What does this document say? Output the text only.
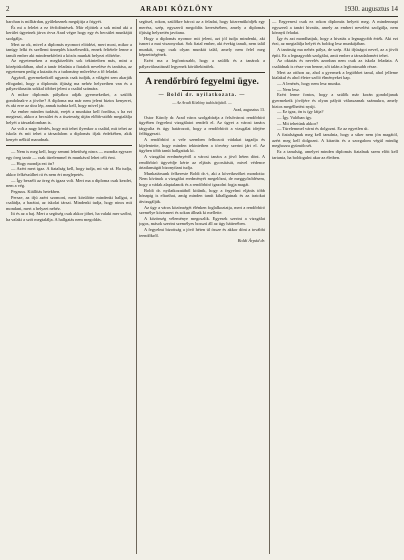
2	ARADI KÖZLÖNY	1930. augusztus 14

barchan is milliárdan, gyűlekeznek megújitja a frigyét.

És mi a felelet a ez férfidöntések. Már eljöttek a sok mind aki a kerület ügyeinek járva óvva Arad végre hogy egy és becsület munkáját szolgálja.

Mert az ok, mivel a diplomás nyomort elöidézi, mert most, mikor a tanügy lelki és szellemi ünneplés kiszélesedik, ennek feltétele lenne a tanult ember aki mindenekfelett a közös munkát helyezi előtérbe.

Az egyetemeken a megközelítés sok tekintetben más, mint a középiskolában, ahol a tanár feladata a fiatalok nevelése és tanítása, az egyetemen pedig a kutatás és a tudomány művelése a fő feladat.

Agyáról, gyermekeikről ugyanis csak tudják, a világért sem akarják elfogadni, hogy a diplomás ifjúság ma nehéz helyzetben van és a pályaválasztás sokkal többet jelent a család számára.

A mikor diplomás pályákra adják gyermekeiket, a szülők gondolnak-e a jövőre? A diploma ma már nem jelent biztos kenyeret, és aki erre az útra lép, annak tudnia kell, hogy mivel jár.

Az ember minden tudását, erejét a munkára kell fordítsa, s ha ezt megteszi, akkor a becsület és a tisztesség útján előbb-utóbb megtalálja helyét a társadalomban is.

Az volt a nagy kérdés, hogy mit tehet ilyenkor a család, mit tehet az iskola és mit tehet a társadalom a diplomás ifjak érdekében, akik kenyér nélkül maradnak.

— Nem is meg kell, hogy semmi lehetőség nincs — mondta egyszer egy öreg tanár — csak türelemmel és munkával lehet célt érni.

— Hogy mondja ezt ön?

— Azért mert igaz. A fiatalság kell, hogy tudja, mi vár rá. Ha tudja, akkor felkészülhet rá és nem éri meglepetés.

— Így beszélt az öreg és igaza volt. Mert ma a diploma csak kezdet, nem a vég.

Pegasus. Kiállítás hetekben.

Persze, az ifjú azért szomorú, mert körülötte mindenki hallgat, a családja, a barátai, az iskolai társai. Mindenki tudja, hogy nincs mit mondani, mert a helyzet nehéz.

Itt és az a baj. Mert a segítség csak akkor jöhet, ha valaki mer szólni, ha valaki a szót megtalálja. A hallgatás nem megoldás.

segítsel, rokon, szülőkre bárcsi az a feladat, hogy közreműködjék egy merész, szép, egyszerű megoldás keresésében, amely a diplomás ifjúság helyzetén javítana.

Hogy a diplomás nyomor mit jelent, azt jól tudja mindenki, aki ismeri a mai viszonyokat. Sok fiatal ember, aki évekig tanult, nem talál munkát, vagy csak olyan munkát talál, amely nem felel meg képzettségének.

Ezért ma a legfontosabb, hogy a szülők és a tanárok a pályaválasztásnál legyenek körültekintőek.

A rendőrbíró fegyelmi ügye.
— Boldi dr. nyilatkozata. —
— Az Aradi Közlöny tudósítójától. —
Arad, augusztus 13.

Ostor Károly dr. Arad város szolgabírája a felsővárosi rendőrbíró ügyében fegyelmi vizsgálatot rendelt el. Az ügyet a városi tanács tárgyalta és úgy határozott, hogy a rendőrbírót a vizsgálat idejére felfüggeszti.

A rendőrbíró a vele szemben felhozott vádakat tagadja és kijelentette, hogy minden tekintetben a törvény szerint járt el. Az ügyben több tanút hallgattak ki.

A vizsgálat eredményéről a városi tanács a jövő héten dönt. A rendőrbíró ügyvédje kérte az eljárás gyorsítását, mivel védence ártatlanságát bizonyítani tudja.

Munkatársunk felkereste Boldi dr.-t, aki a következőket mondotta: Nem kívánok a vizsgálat eredményét megelőzni, de meggyőződésem, hogy a vádak alaptalanok és a rendőrbíró igazolni fogja magát.

Boldi dr. nyilatkozatából kitűnik, hogy a fegyelmi eljárás több hónapig is eltarthat, amíg minden tanút kihallgatnak és az iratokat átvizsgálják.

Az ügy a város közönségét élénken foglalkoztatja, mert a rendőrbíró személye közismert és sokan állnak ki mellette.

A közönség véleménye megoszlik. Egyesek szerint a vizsgálat jogos, mások szerint személyes bosszú áll az ügy hátterében.

A fegyelmi bizottság a jövő héten ül össze és akkor dönt a további teendőkről.

Boldi Árpád dr.

— Eegyenesí csak ez rokon diplomás helyeit meg. A mindennapi egyszerű a tanári hivatás, amely az emberi nevelést szolgálja, nem könnyű feladat.

Így és azt mondhatjuk, hogy a hivatás a legnagyobb érték. Aki ezt érzi, az megtalálja helyét és boldog lesz munkájában.

A tanárság ma nehéz pálya, de szép. Aki ifjúságot nevel, az a jövőt építi. Ez a legnagyobb szolgálat, amit ember a társadalomért tehet.

Az oktatás és nevelés azonban nem csak az iskola feladata. A családnak is része van benne, sőt talán a legfontosabb része.

Mert az otthon az, ahol a gyermek a legtöbbet tanul, ahol jelleme kialakul és ahol életre szóló élményeket kap.

— A lenézés, hogy nem lesz munka.

— Nem lesz.

Ezért lenne fontos, hogy a szülők már korán gondoljanak gyermekeik jövőjére és olyan pályát válasszanak számukra, amely biztos megélhetést nyújt.

— Ez igaz, ön is így látja?

— Így. Valóban így.

— Mit tehetünk akkor?

— Türelemmel várni és dolgozni. Ez az egyetlen út.

A fiatalságnak meg kell tanulnia, hogy a siker nem jön magától, azért meg kell dolgozni. A kitartás és a szorgalom végül mindig meghozza gyümölcsét.

Ez a tanulság, amelyet minden diplomás fiatalnak szem előtt kell tartania, ha boldogulni akar az életben.
